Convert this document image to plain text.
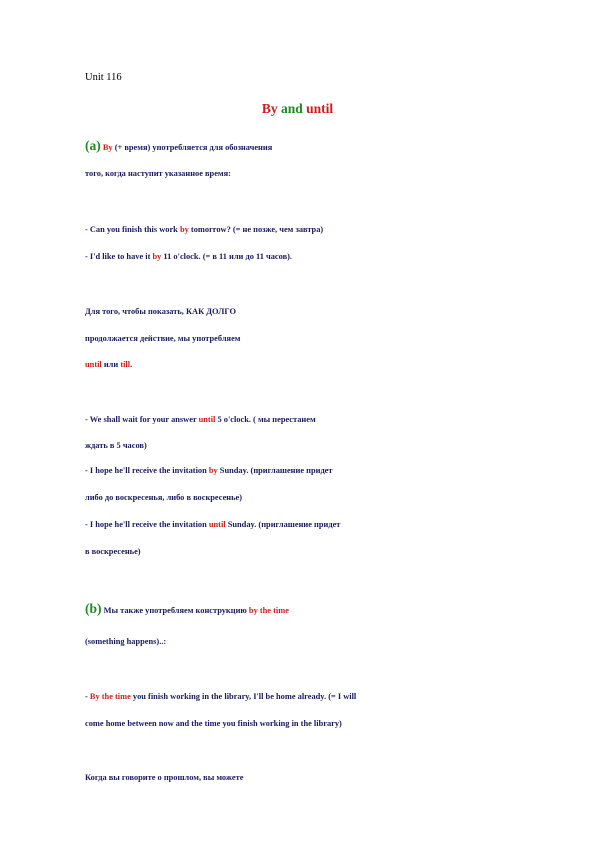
Unit 116
By and until
(a) By (+ время) употребляется для обозначения
того, когда наступит указанное время:
- Can you finish this work by tomorrow? (= не позже, чем завтра)
- I'd like to have it by 11 o'clock. (= в 11 или до 11 часов).
Для того, чтобы показать, КАК ДОЛГО
продолжается действие, мы употребляем
until или till.
- We shall wait for your answer until 5 o'clock. ( мы перестанем
ждать в 5 часов)
- I hope he'll receive the invitation by Sunday. (приглашение придет
либо до воскресенья, либо в воскресенье)
- I hope he'll receive the invitation until Sunday. (приглашение придет
в воскресенье)
(b) Мы также употребляем конструкцию by the time
(something happens)..:
- By the time you finish working in the library, I'll be home already. (= I will
come home between now and the time you finish working in the library)
Когда вы говорите о прошлом, вы можете
